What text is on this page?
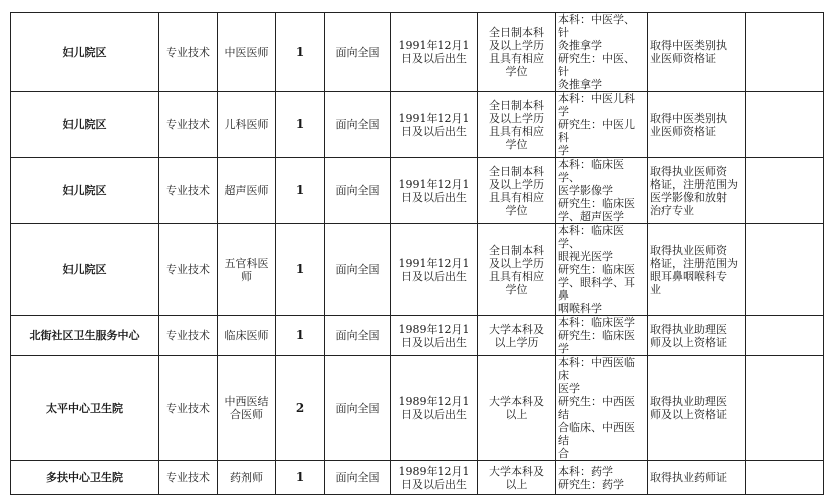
妇儿院区	专业技术	中医医师	1	面向全国	1991年12月1
日及以后出生	全日制本科
及以上学历
且具有相应
学位	本科：中医学、针
灸推拿学
研究生：中医、针
灸推拿学	取得中医类别执
业医师资格证	
妇儿院区	专业技术	儿科医师	1	面向全国	1991年12月1
日及以后出生	全日制本科
及以上学历
且具有相应
学位	本科：中医儿科学
研究生：中医儿科
学	取得中医类别执
业医师资格证	
妇儿院区	专业技术	超声医师	1	面向全国	1991年12月1
日及以后出生	全日制本科
及以上学历
且具有相应
学位	本科：临床医学、
医学影像学
研究生：临床医
学、超声医学	取得执业医师资
格证，注册范围为
医学影像和放射
治疗专业	
妇儿院区	专业技术	五官科医
师	1	面向全国	1991年12月1
日及以后出生	全日制本科
及以上学历
且具有相应
学位	本科：临床医学、
眼视光医学
研究生：临床医
学、眼科学、耳鼻
咽喉科学	取得执业医师资
格证，注册范围为
眼耳鼻咽喉科专
业	
北街社区卫生服务中心	专业技术	临床医师	1	面向全国	1989年12月1
日及以后出生	大学本科及
以上学历	本科：临床医学
研究生：临床医学	取得执业助理医
师及以上资格证	
太平中心卫生院	专业技术	中西医结
合医师	2	面向全国	1989年12月1
日及以后出生	大学本科及
以上	本科：中西医临床
医学
研究生：中西医结
合临床、中西医结
合	取得执业助理医
师及以上资格证	
多扶中心卫生院	专业技术	药剂师	1	面向全国	1989年12月1
日及以后出生	大学本科及
以上	本科：药学
研究生：药学	取得执业药师证	
